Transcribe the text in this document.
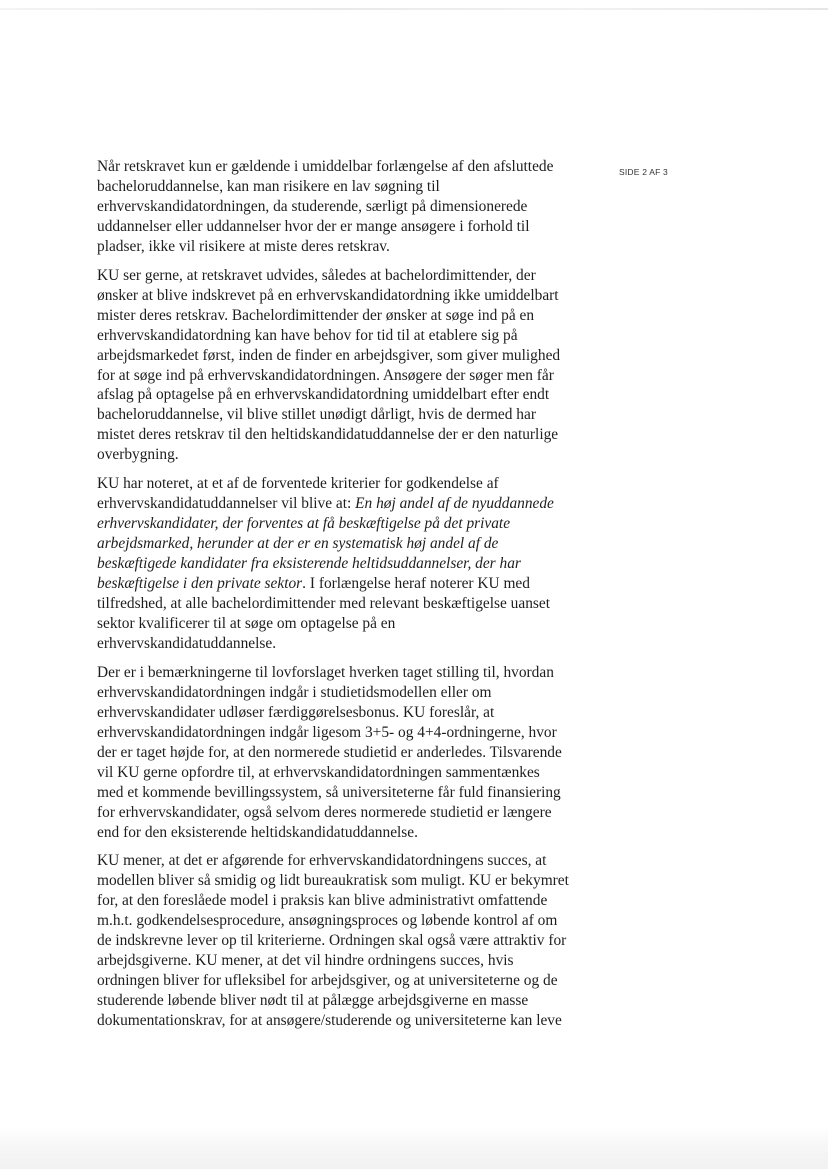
SIDE 2 AF 3

Når retskravet kun er gældende i umiddelbar forlængelse af den afsluttede
bacheloruddannelse, kan man risikere en lav søgning til
erhvervskandidatordningen, da studerende, særligt på dimensionerede
uddannelser eller uddannelser hvor der er mange ansøgere i forhold til
pladser, ikke vil risikere at miste deres retskrav.

KU ser gerne, at retskravet udvides, således at bachelordimittender, der
ønsker at blive indskrevet på en erhvervskandidatordning ikke umiddelbart
mister deres retskrav. Bachelordimittender der ønsker at søge ind på en
erhvervskandidatordning kan have behov for tid til at etablere sig på
arbejdsmarkedet først, inden de finder en arbejdsgiver, som giver mulighed
for at søge ind på erhvervskandidatordningen. Ansøgere der søger men får
afslag på optagelse på en erhvervskandidatordning umiddelbart efter endt
bacheloruddannelse, vil blive stillet unødigt dårligt, hvis de dermed har
mistet deres retskrav til den heltidskandidatuddannelse der er den naturlige
overbygning.

KU har noteret, at et af de forventede kriterier for godkendelse af
erhvervskandidatuddannelser vil blive at: En høj andel af de nyuddannede
erhvervskandidater, der forventes at få beskæftigelse på det private
arbejdsmarked, herunder at der er en systematisk høj andel af de
beskæftigede kandidater fra eksisterende heltidsuddannelser, der har
beskæftigelse i den private sektor. I forlængelse heraf noterer KU med
tilfredshed, at alle bachelordimittender med relevant beskæftigelse uanset
sektor kvalificerer til at søge om optagelse på en
erhvervskandidatuddannelse.

Der er i bemærkningerne til lovforslaget hverken taget stilling til, hvordan
erhvervskandidatordningen indgår i studietidsmodellen eller om
erhvervskandidater udløser færdiggørelsesbonus. KU foreslår, at
erhvervskandidatordningen indgår ligesom 3+5- og 4+4-ordningerne, hvor
der er taget højde for, at den normerede studietid er anderledes. Tilsvarende
vil KU gerne opfordre til, at erhvervskandidatordningen sammentænkes
med et kommende bevillingssystem, så universiteterne får fuld finansiering
for erhvervskandidater, også selvom deres normerede studietid er længere
end for den eksisterende heltidskandidatuddannelse.

KU mener, at det er afgørende for erhvervskandidatordningens succes, at
modellen bliver så smidig og lidt bureaukratisk som muligt. KU er bekymret
for, at den foreslåede model i praksis kan blive administrativt omfattende
m.h.t. godkendelsesprocedure, ansøgningsproces og løbende kontrol af om
de indskrevne lever op til kriterierne. Ordningen skal også være attraktiv for
arbejdsgiverne. KU mener, at det vil hindre ordningens succes, hvis
ordningen bliver for ufleksibel for arbejdsgiver, og at universiteterne og de
studerende løbende bliver nødt til at pålægge arbejdsgiverne en masse
dokumentationskrav, for at ansøgere/studerende og universiteterne kan leve
